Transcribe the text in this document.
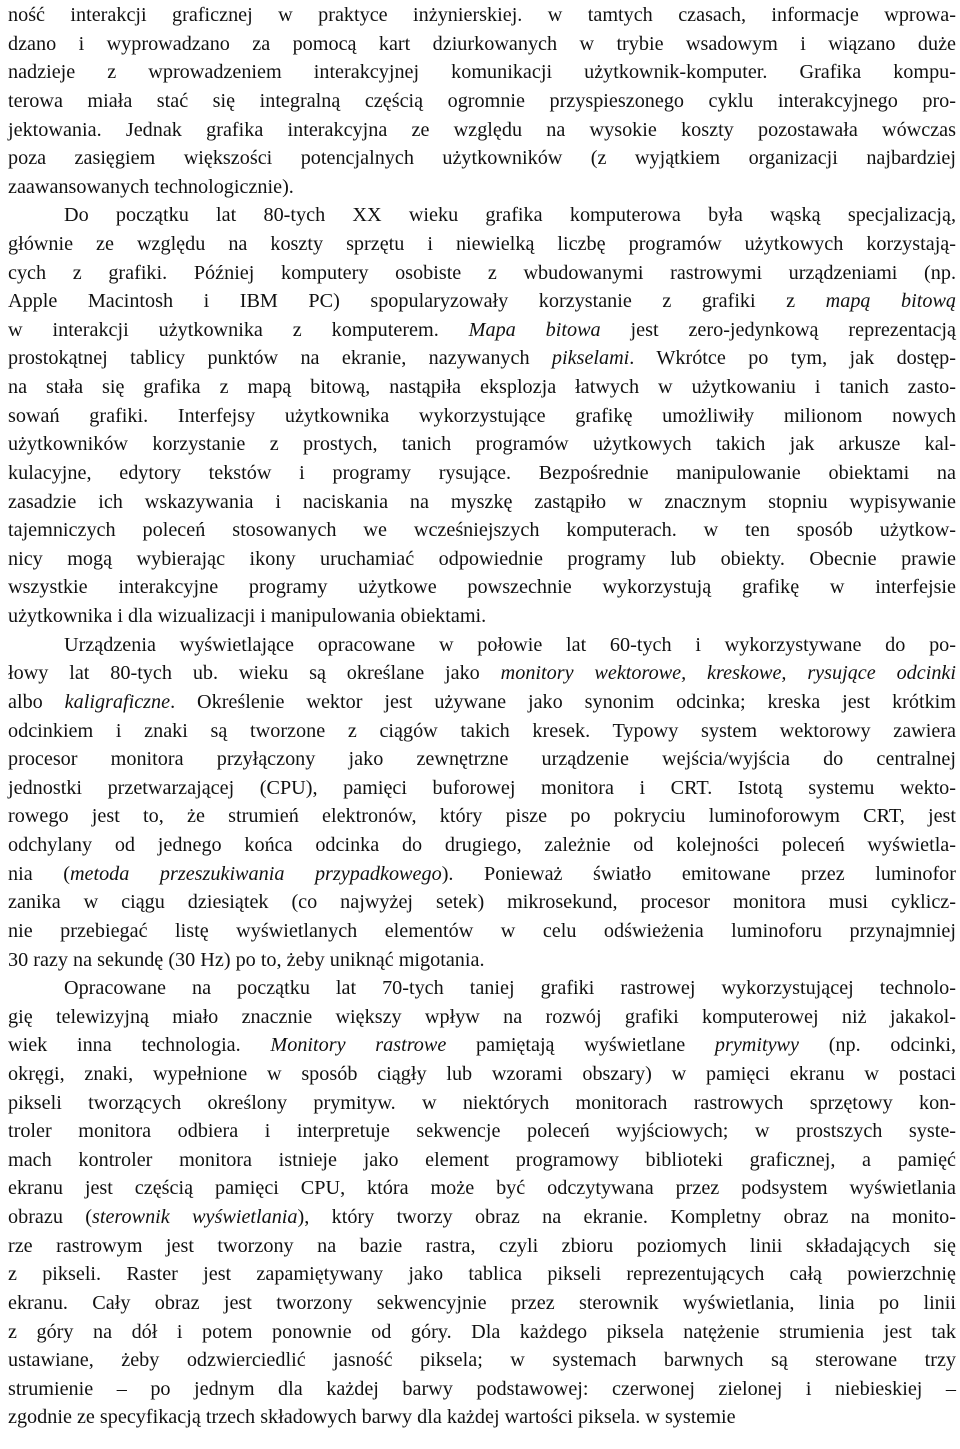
ność interakcji graficznej w praktyce inżynierskiej. w tamtych czasach, informacje wprowa-
dzano i wyprowadzano za pomocą kart dziurkowanych w trybie wsadowym i wiązano duże
nadzieje z wprowadzeniem interakcyjnej komunikacji użytkownik-komputer. Grafika kompu-
terowa miała stać się integralną częścią ogromnie przyspieszonego cyklu interakcyjnego pro-
jektowania. Jednak grafika interakcyjna ze względu na wysokie koszty pozostawała wówczas
poza zasięgiem większości potencjalnych użytkowników (z wyjątkiem organizacji najbardziej
zaawansowanych technologicznie).
Do początku lat 80-tych XX wieku grafika komputerowa była wąską specjalizacją,
głównie ze względu na koszty sprzętu i niewielką liczbę programów użytkowych korzystają-
cych z grafiki. Później komputery osobiste z wbudowanymi rastrowymi urządzeniami (np.
Apple Macintosh i IBM PC) spopularyzowały korzystanie z grafiki z mapą bitową
w interakcji użytkownika z komputerem. Mapa bitowa jest zero-jedynkową reprezentacją
prostokątnej tablicy punktów na ekranie, nazywanych pikselami. Wkrótce po tym, jak dostęp-
na stała się grafika z mapą bitową, nastąpiła eksplozja łatwych w użytkowaniu i tanich zasto-
sowań grafiki. Interfejsy użytkownika wykorzystujące grafikę umożliwiły milionom nowych
użytkowników korzystanie z prostych, tanich programów użytkowych takich jak arkusze kal-
kulacyjne, edytory tekstów i programy rysujące. Bezpośrednie manipulowanie obiektami na
zasadzie ich wskazywania i naciskania na myszkę zastąpiło w znacznym stopniu wypisywanie
tajemniczych poleceń stosowanych we wcześniejszych komputerach. w ten sposób użytkow-
nicy mogą wybierając ikony uruchamiać odpowiednie programy lub obiekty. Obecnie prawie
wszystkie interakcyjne programy użytkowe powszechnie wykorzystują grafikę w interfejsie
użytkownika i dla wizualizacji i manipulowania obiektami.
Urządzenia wyświetlające opracowane w połowie lat 60-tych i wykorzystywane do po-
łowy lat 80-tych ub. wieku są określane jako monitory wektorowe, kreskowe, rysujące odcinki
albo kaligraficzne. Określenie wektor jest używane jako synonim odcinka; kreska jest krótkim
odcinkiem i znaki są tworzone z ciągów takich kresek. Typowy system wektorowy zawiera
procesor monitora przyłączony jako zewnętrzne urządzenie wejścia/wyjścia do centralnej
jednostki przetwarzającej (CPU), pamięci buforowej monitora i CRT. Istotą systemu wekto-
rowego jest to, że strumień elektronów, który pisze po pokryciu luminoforowym CRT, jest
odchylany od jednego końca odcinka do drugiego, zależnie od kolejności poleceń wyświetla-
nia (metoda przeszukiwania przypadkowego). Ponieważ światło emitowane przez luminofor
zanika w ciągu dziesiątek (co najwyżej setek) mikrosekund, procesor monitora musi cyklicz-
nie przebiegać listę wyświetlanych elementów w celu odświeżenia luminoforu przynajmniej
30 razy na sekundę (30 Hz) po to, żeby uniknąć migotania.
Opracowane na początku lat 70-tych taniej grafiki rastrowej wykorzystującej technolo-
gię telewizyjną miało znacznie większy wpływ na rozwój grafiki komputerowej niż jakakol-
wiek inna technologia. Monitory rastrowe pamiętają wyświetlane prymitywy (np. odcinki,
okręgi, znaki, wypełnione w sposób ciągły lub wzorami obszary) w pamięci ekranu w postaci
pikseli tworzących określony prymityw. w niektórych monitorach rastrowych sprzętowy kon-
troler monitora odbiera i interpretuje sekwencje poleceń wyjściowych; w prostszych syste-
mach kontroler monitora istnieje jako element programowy biblioteki graficznej, a pamięć
ekranu jest częścią pamięci CPU, która może być odczytywana przez podsystem wyświetlania
obrazu (sterownik wyświetlania), który tworzy obraz na ekranie. Kompletny obraz na monito-
rze rastrowym jest tworzony na bazie rastra, czyli zbioru poziomych linii składających się
z pikseli. Raster jest zapamiętywany jako tablica pikseli reprezentujących całą powierzchnię
ekranu. Cały obraz jest tworzony sekwencyjnie przez sterownik wyświetlania, linia po linii
z góry na dół i potem ponownie od góry. Dla każdego piksela natężenie strumienia jest tak
ustawiane, żeby odzwierciedlić jasność piksela; w systemach barwnych są sterowane trzy
strumienie – po jednym dla każdej barwy podstawowej: czerwonej zielonej i niebieskiej –
zgodnie ze specyfikacją trzech składowych barwy dla każdej wartości piksela. w systemie
